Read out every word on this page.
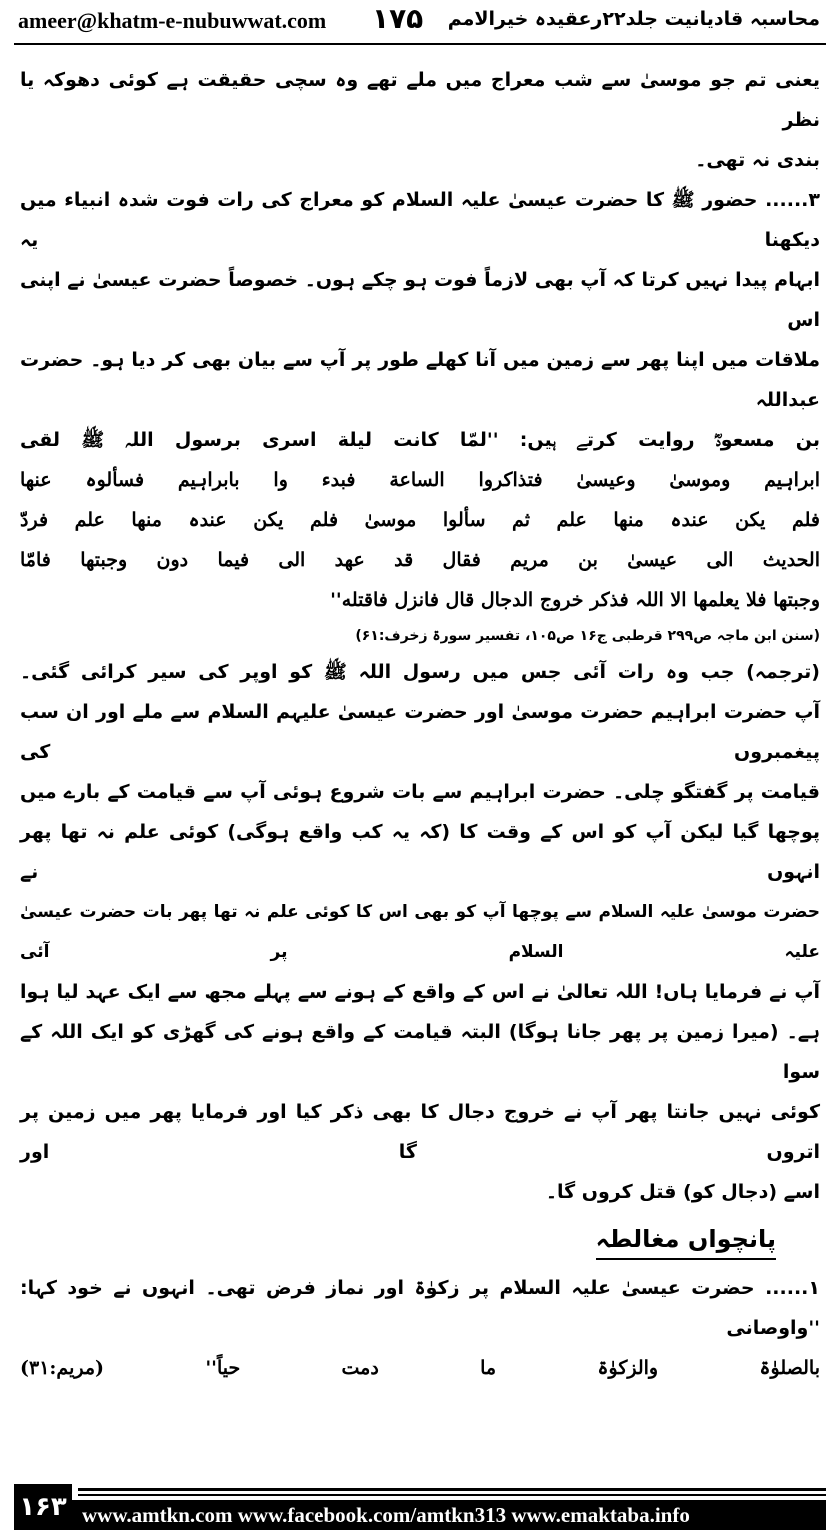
ameer@khatm-e-nubuwwat.com ۱۷۵ محاسبہ قادیانیت جلد۲۲رعقیدہ خیرالامم
یعنی تم جو موسیٰ سے شب معراج میں ملے تھے وہ سچی حقیقت ہے کوئی دھوکہ یا نظر
بندی نہ تھی۔
۳...... حضور ﷺ کا حضرت عیسیٰ علیہ السلام کو معراج کی رات فوت شدہ انبیاء میں دیکھنا یہ
ابہام پیدا نہیں کرتا کہ آپ بھی لازماً فوت ہو چکے ہوں۔ خصوصاً حضرت عیسیٰ نے اپنی اس
ملاقات میں اپنا پھر سے زمین میں آنا کھلے طور پر آپ سے بیان بھی کر دیا ہو۔ حضرت عبداللہ
بن مسعودؓ روایت کرتے ہیں: ''لمّا کانت لیلة اسری برسول اللہ ﷺ لقی
ابراہیم وموسیٰ وعیسیٰ فتذاکروا الساعة فبدء وا بابراہیم فسألوہ عنها
فلم یکن عندہ منها علم ثم سألوا موسیٰ فلم یکن عندہ منها علم فردّ
الحدیث الی عیسیٰ بن مریم فقال قد عهد الی فیما دون وجبتها فامّا
وجبتها فلا یعلمها الا اللہ فذکر خروج الدجال قال فانزل فاقتله''
(سنن ابن ماجہ ص۲۹۹ قرطبی ج۱۶ ص۱۰۵، تفسیر سورۃ زخرف:۶۱)
(ترجمہ) جب وہ رات آئی جس میں رسول اللہ ﷺ کو اوپر کی سیر کرائی گئی۔
آپ حضرت ابراہیم حضرت موسیٰ اور حضرت عیسیٰ علیہم السلام سے ملے اور ان سب پیغمبروں کی
قیامت پر گفتگو چلی۔ حضرت ابراہیم سے بات شروع ہوئی آپ سے قیامت کے بارے میں
پوچھا گیا لیکن آپ کو اس کے وقت کا (کہ یہ کب واقع ہوگی) کوئی علم نہ تھا پھر انہوں نے
حضرت موسیٰ علیہ السلام سے پوچھا آپ کو بھی اس کا کوئی علم نہ تھا پھر بات حضرت عیسیٰ علیہ السلام پر آئی
آپ نے فرمایا ہاں! اللہ تعالیٰ نے اس کے واقع کے ہونے سے پہلے مجھ سے ایک عہد لیا ہوا
ہے۔ (میرا زمین پر پھر جانا ہوگا) البتہ قیامت کے واقع ہونے کی گھڑی کو ایک اللہ کے سوا
کوئی نہیں جانتا پھر آپ نے خروج دجال کا بھی ذکر کیا اور فرمایا پھر میں زمین پر اتروں گا اور
اسے (دجال کو) قتل کروں گا۔
پانچواں مغالطہ
۱...... حضرت عیسیٰ علیہ السلام پر زکوٰۃ اور نماز فرض تھی۔ انہوں نے خود کہا: ''واوصانی
بالصلوٰۃ والزکوٰۃ ما دمت حیاً'' (مریم:۳۱)
۱۶۳ www.amtkn.com www.facebook.com/amtkn313 www.emaktaba.info
